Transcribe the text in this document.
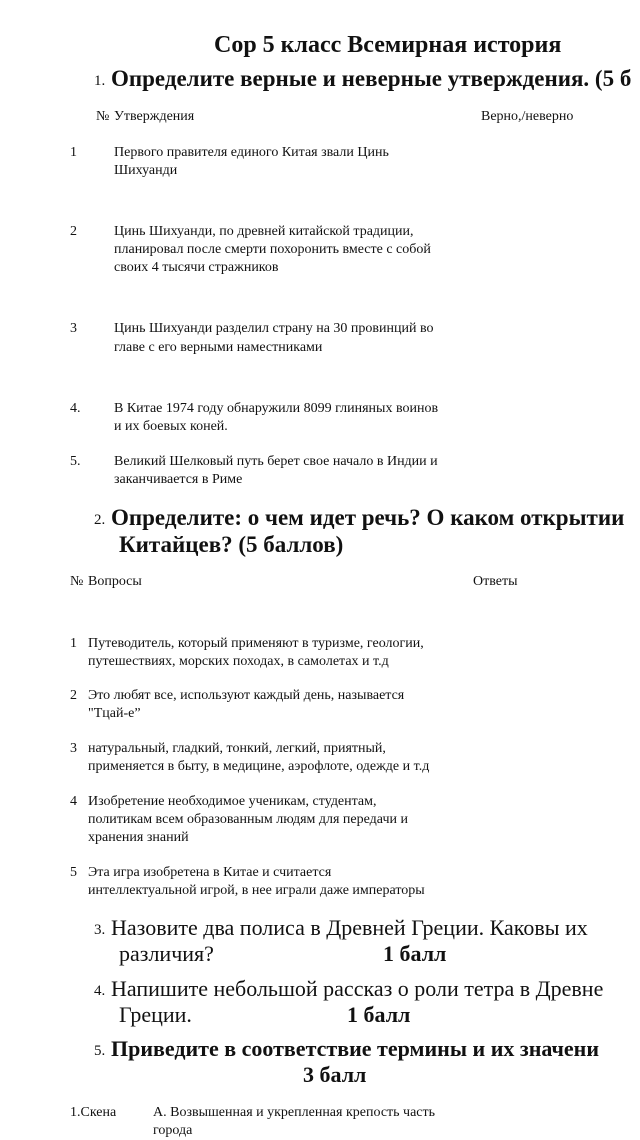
Сор 5 класс Всемирная история
1. Определите верные и неверные утверждения. (5 б
№ Утверждения	Верно,/неверно
1	Первого правителя единого Китая звали Цинь
Шихуанди
2	Цинь Шихуанди, по древней китайской традиции,
планировал после смерти похоронить вместе с собой
своих 4 тысячи стражников
3	Цинь Шихуанди разделил страну на 30 провинций во
главе с его верными наместниками
4. В Китае 1974 году обнаружили 8099 глиняных воинов
и их боевых коней.
5. Великий Шелковый путь берет свое начало в Индии и
заканчивается в Риме
2. Определите: о чем идет речь? О каком открытии
Китайцев? (5 баллов)
№ Вопросы	Ответы
1 Путеводитель, который применяют в туризме, геологии,
путешествиях, морских походах, в самолетах и т.д
2 Это любят все, используют каждый день, называется
"Тцай-е”
3 натуральный, гладкий, тонкий, легкий, приятный,
применяется в быту, в медицине, аэрофлоте, одежде и т.д
4 Изобретение необходимое ученикам, студентам,
политикам всем образованным людям для передачи и
хранения знаний
5 Эта игра изобретена в Китае и считается
интеллектуальной игрой, в нее играли даже императоры
3. Назовите два полиса в Древней Греции. Каковы их
различия?	1 балл
4. Напишите небольшой рассказ о роли тетра в Древне
Греции.	1 балл
5. Приведите в соответствие термины и их значени
3 балл
1.Скена	А. Возвышенная и укрепленная крепость часть
города
